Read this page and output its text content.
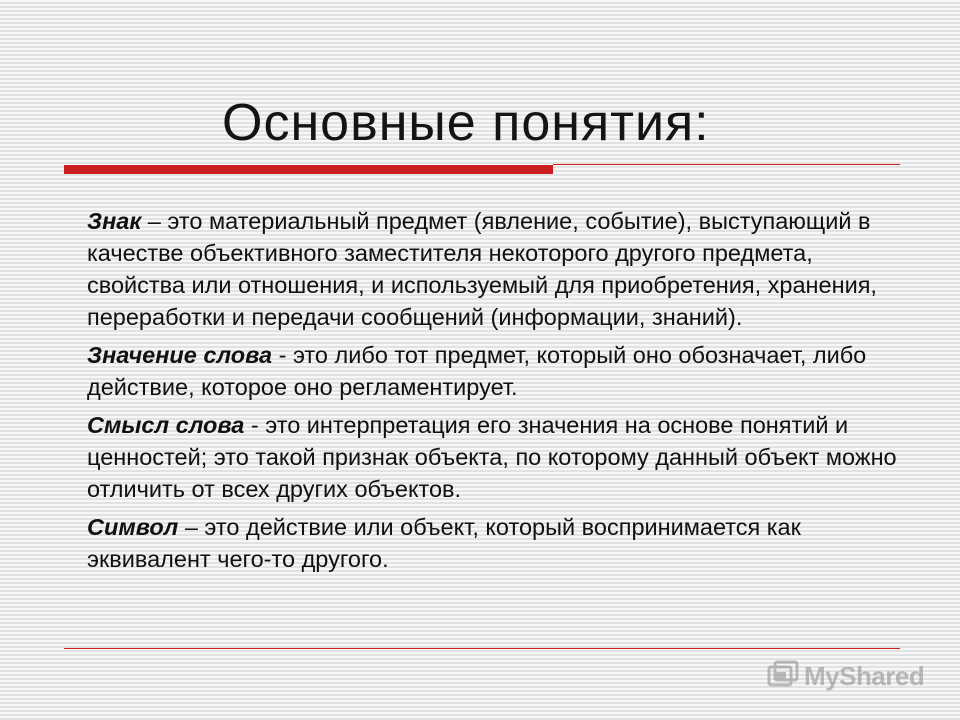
Основные понятия:

Знак – это материальный предмет (явление, событие), выступающий в качестве объективного заместителя некоторого другого предмета, свойства или отношения, и используемый для приобретения, хранения, переработки и передачи сообщений (информации, знаний).

Значение слова - это либо тот предмет, который оно обозначает, либо действие, которое оно регламентирует.

Смысл слова - это интерпретация его значения на основе понятий и ценностей; это такой признак объекта, по которому данный объект можно отличить от всех других объектов.

Символ – это действие или объект, который воспринимается как эквивалент чего-то другого.

MyShared
